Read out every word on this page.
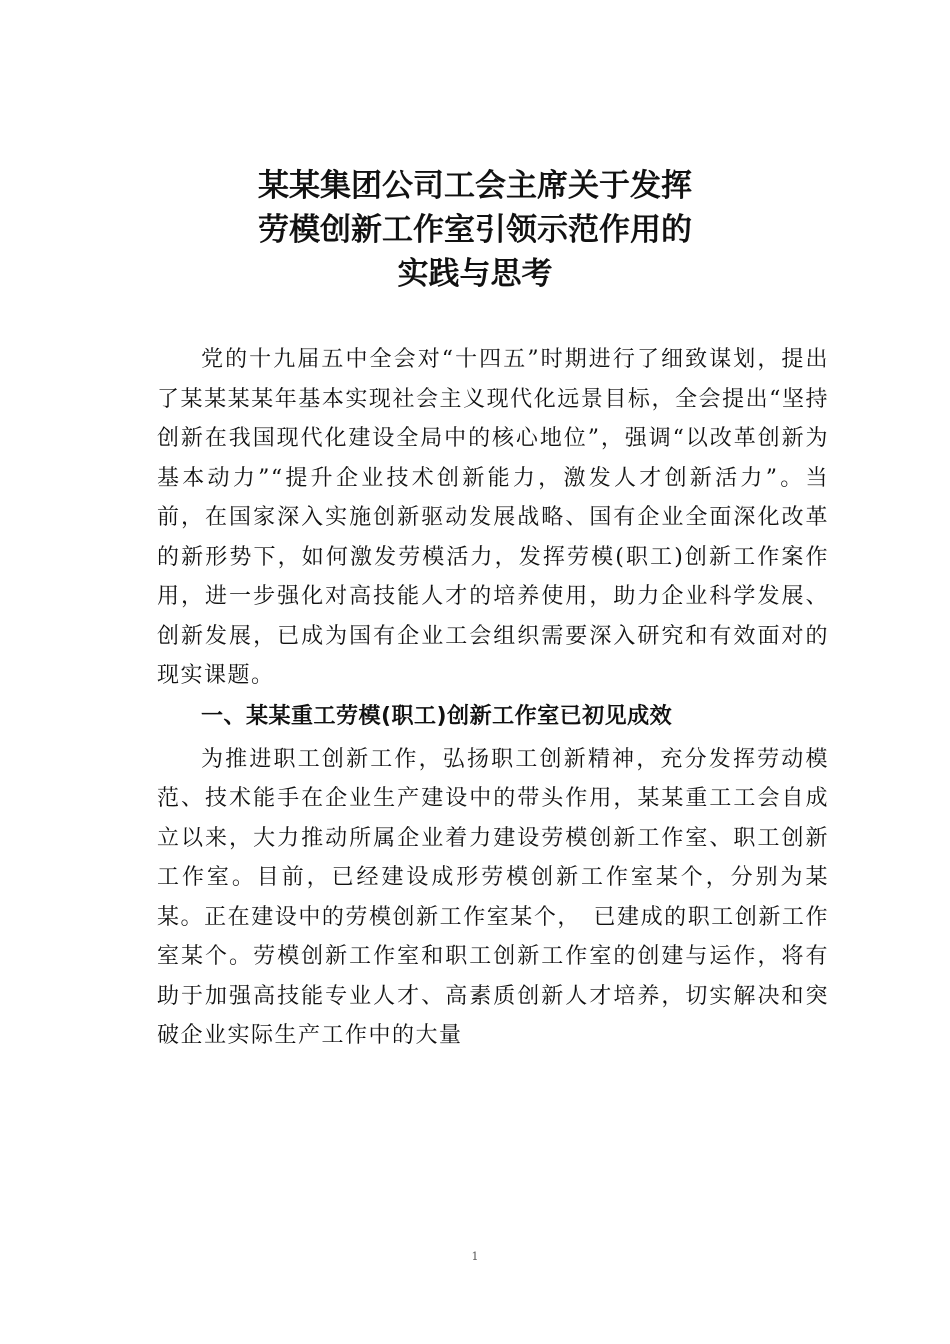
某某集团公司工会主席关于发挥
劳模创新工作室引领示范作用的
实践与思考

党的十九届五中全会对“十四五”时期进行了细致谋划，提出了某某某某年基本实现社会主义现代化远景目标，全会提出“坚持创新在我国现代化建设全局中的核心地位”，强调“以改革创新为基本动力”“提升企业技术创新能力，激发人才创新活力”。当前，在国家深入实施创新驱动发展战略、国有企业全面深化改革的新形势下，如何激发劳模活力，发挥劳模(职工)创新工作案作用，进一步强化对高技能人才的培养使用，助力企业科学发展、创新发展，已成为国有企业工会组织需要深入研究和有效面对的现实课题。

一、某某重工劳模(职工)创新工作室已初见成效

为推进职工创新工作，弘扬职工创新精神，充分发挥劳动模范、技术能手在企业生产建设中的带头作用，某某重工工会自成立以来，大力推动所属企业着力建设劳模创新工作室、职工创新工作室。目前，已经建设成形劳模创新工作室某个，分别为某某。正在建设中的劳模创新工作室某个，　已建成的职工创新工作室某个。劳模创新工作室和职工创新工作室的创建与运作，将有助于加强高技能专业人才、高素质创新人才培养，切实解决和突破企业实际生产工作中的大量

1
